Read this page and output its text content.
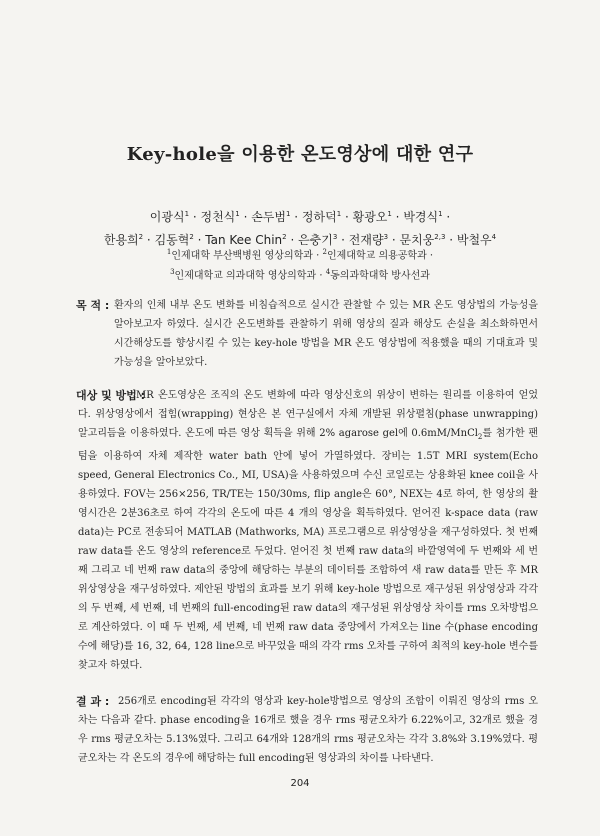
Key-hole을 이용한 온도영상에 대한 연구
이광식$^1$ · 정천식$^1$ · 손두범$^1$ · 정하덕$^1$ · 황광오$^1$ · 박경식$^1$ ·
한용희$^2$ · 김동혁$^2$ · Tan Kee Chin$^2$ · 은충기$^3$ · 전재량$^3$ · 문치웅$^{2,3}$ · 박철우$^4$
$^1$인제대학 부산백병원 영상의학과 · $^2$인제대학교 의용공학과 ·
$^3$인제대학교 의과대학 영상의학과 · $^4$동의과학대학 방사선과
목 적 : 환자의 인체 내부 온도 변화를 비침습적으로 실시간 관찰할 수 있는 MR 온도 영상법의 가능성을 알아보고자 하였다. 실시간 온도변화를 관찰하기 위해 영상의 질과 해상도 손실을 최소화하면서 시간해상도를 향상시킬 수 있는 key-hole 방법을 MR 온도 영상법에 적용했을 때의 기대효과 및 가능성을 알아보았다.
대상 및 방법 :
MR 온도영상은 조직의 온도 변화에 따라 영상신호의 위상이 변하는 원리를 이용하여 얻었다. 위상영상에서 접힘(wrapping) 현상은 본 연구실에서 자체 개발된 위상펼침(phase unwrapping) 알고리듬을 이용하였다. 온도에 따른 영상 획득을 위해 2% agarose gel에 0.6mM/MnCl$_2$를 첨가한 팬텀을 이용하여 자체 제작한 water bath 안에 넣어 가열하였다. 장비는 1.5T MRI system(Echo speed, General Electronics Co., MI, USA)을 사용하였으며 수신 코일로는 상용화된 knee coil을 사용하였다. FOV는 256×256, TR/TE는 150/30ms, flip angle은 60°, NEX는 4로 하여, 한 영상의 촬영시간은 2분36초로 하여 각각의 온도에 따른 4 개의 영상을 획득하였다. 얻어진 k-space data (raw data)는 PC로 전송되어 MATLAB (Mathworks, MA) 프로그램으로 위상영상을 재구성하였다. 첫 번째 raw data를 온도 영상의 reference로 두었다. 얻어진 첫 번째 raw data의 바깥영역에 두 번째와 세 번째 그리고 네 번째 raw data의 중앙에 해당하는 부분의 데이터를 조합하여 새 raw data를 만든 후 MR 위상영상을 재구성하였다. 제안된 방법의 효과를 보기 위해 key-hole 방법으로 재구성된 위상영상과 각각의 두 번째, 세 번째, 네 번째의 full-encoding된 raw data의 재구성된 위상영상 차이를 rms 오차방법으로 계산하였다. 이 때 두 번째, 세 번째, 네 번째 raw data 중앙에서 가져오는 line 수(phase encoding 수에 해당)를 16, 32, 64, 128 line으로 바꾸었을 때의 각각 rms 오차를 구하여 최적의 key-hole 변수를 찾고자 하였다.
결 과 : 256개로 encoding된 각각의 영상과 key-hole방법으로 영상의 조합이 이뤄진 영상의 rms 오차는 다음과 같다. phase encoding을 16개로 했을 경우 rms 평균오차가 6.22%이고, 32개로 했을 경우 rms 평균오차는 5.13%였다. 그리고 64개와 128개의 rms 평균오차는 각각 3.8%와 3.19%였다. 평균오차는 각 온도의 경우에 해당하는 full encoding된 영상과의 차이를 나타낸다.
204
